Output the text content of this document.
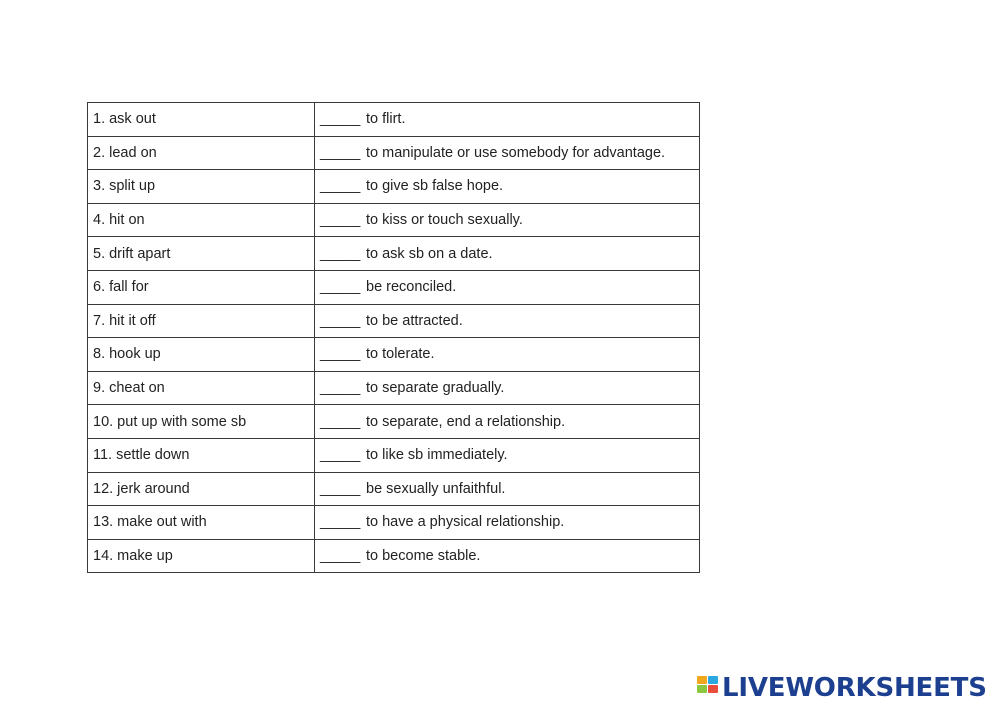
1. ask out	_____ to flirt.
2. lead on	_____ to manipulate or use somebody for advantage.
3. split up	_____ to give sb false hope.
4. hit on	_____ to kiss or touch sexually.
5. drift apart	_____ to ask sb on a date.
6. fall for	_____ be reconciled.
7. hit it off	_____ to be attracted.
8. hook up	_____ to tolerate.
9. cheat on	_____ to separate gradually.
10. put up with some sb	_____ to separate, end a relationship.
11. settle down	_____ to like sb immediately.
12. jerk around	_____ be sexually unfaithful.
13. make out with	_____ to have a physical relationship.
14. make up	_____ to become stable.
LIVEWORKSHEETS
